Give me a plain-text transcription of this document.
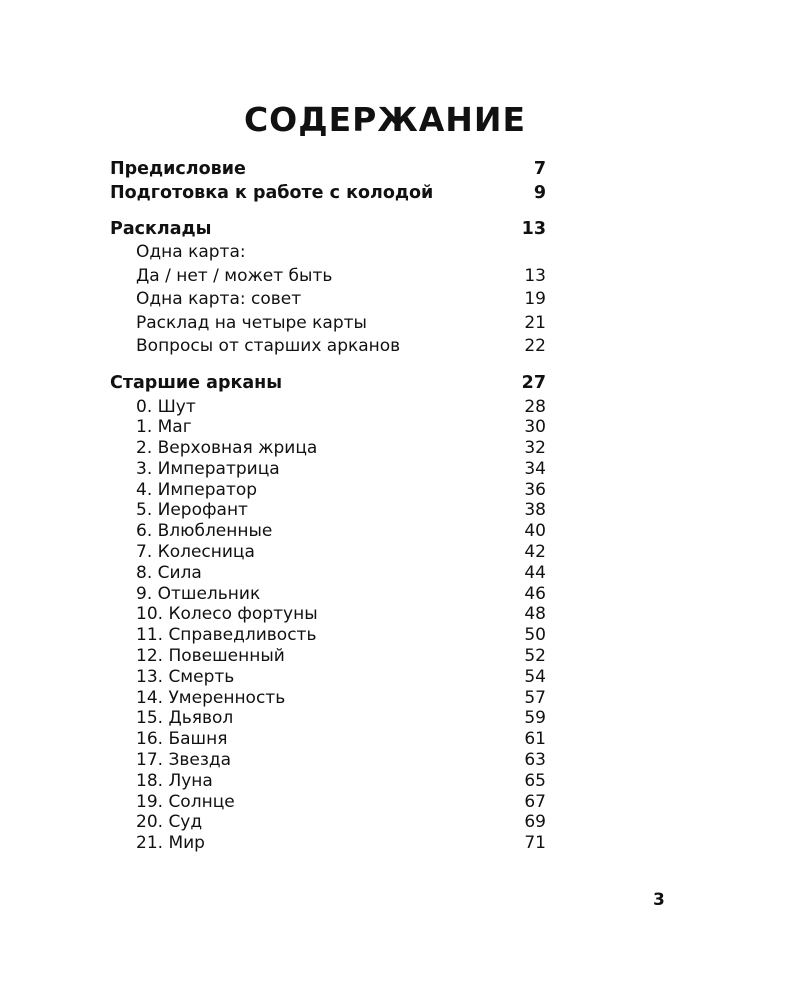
СОДЕРЖАНИЕ
Предисловие	7
Подготовка к работе с колодой	9
Расклады	13
Одна карта:
Да / нет / может быть	13
Одна карта: совет	19
Расклад на четыре карты	21
Вопросы от старших арканов	22
Старшие арканы	27
0. Шут	28
1. Маг	30
2. Верховная жрица	32
3. Императрица	34
4. Император	36
5. Иерофант	38
6. Влюбленные	40
7. Колесница	42
8. Сила	44
9. Отшельник	46
10. Колесо фортуны	48
11. Справедливость	50
12. Повешенный	52
13. Смерть	54
14. Умеренность	57
15. Дьявол	59
16. Башня	61
17. Звезда	63
18. Луна	65
19. Солнце	67
20. Суд	69
21. Мир	71
3
